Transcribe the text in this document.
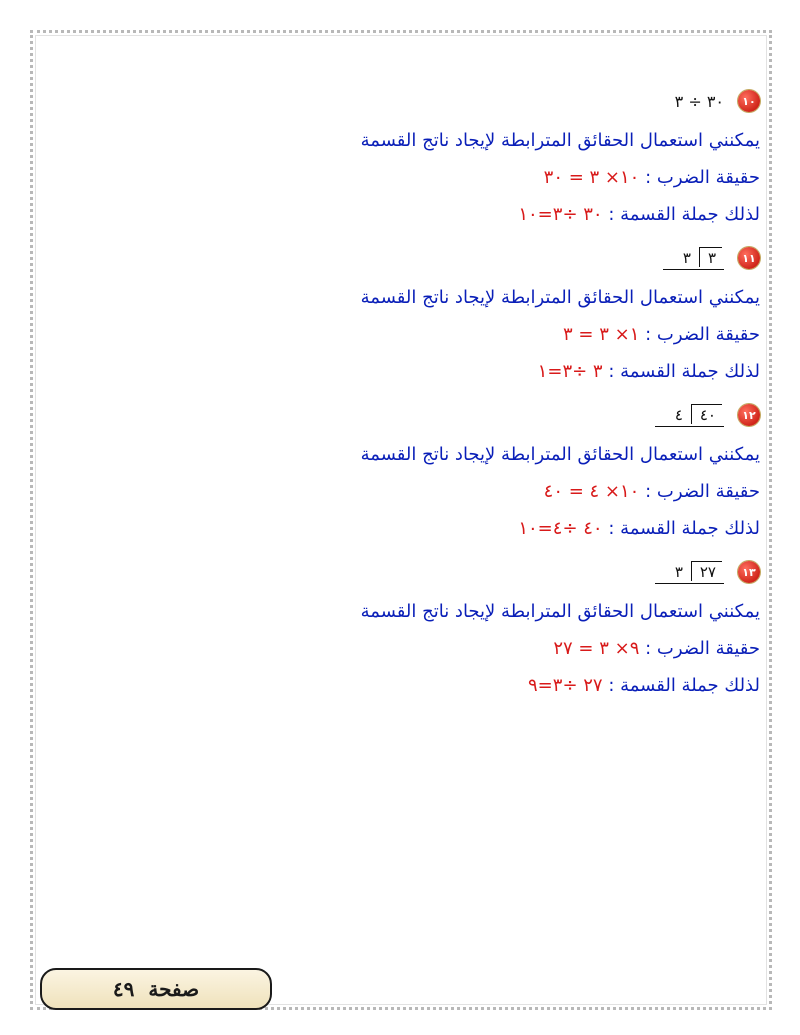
١٠
٣٠ ÷ ٣
يمكنني استعمال الحقائق المترابطة لإيجاد ناتج القسمة
حقيقة الضرب : ١٠× ٣ = ٣٠
لذلك جملة القسمة : ٣٠ ÷٣=١٠
١١
٣	٣
يمكنني استعمال الحقائق المترابطة لإيجاد ناتج القسمة
حقيقة الضرب : ١× ٣ = ٣
لذلك جملة القسمة : ٣ ÷٣=١
١٢
٤	٤٠
يمكنني استعمال الحقائق المترابطة لإيجاد ناتج القسمة
حقيقة الضرب : ١٠× ٤ = ٤٠
لذلك جملة القسمة : ٤٠ ÷٤=١٠
١٣
٣	٢٧
يمكنني استعمال الحقائق المترابطة لإيجاد ناتج القسمة
حقيقة الضرب : ٩× ٣ = ٢٧
لذلك جملة القسمة : ٢٧ ÷٣=٩
صفحة
٤٩
